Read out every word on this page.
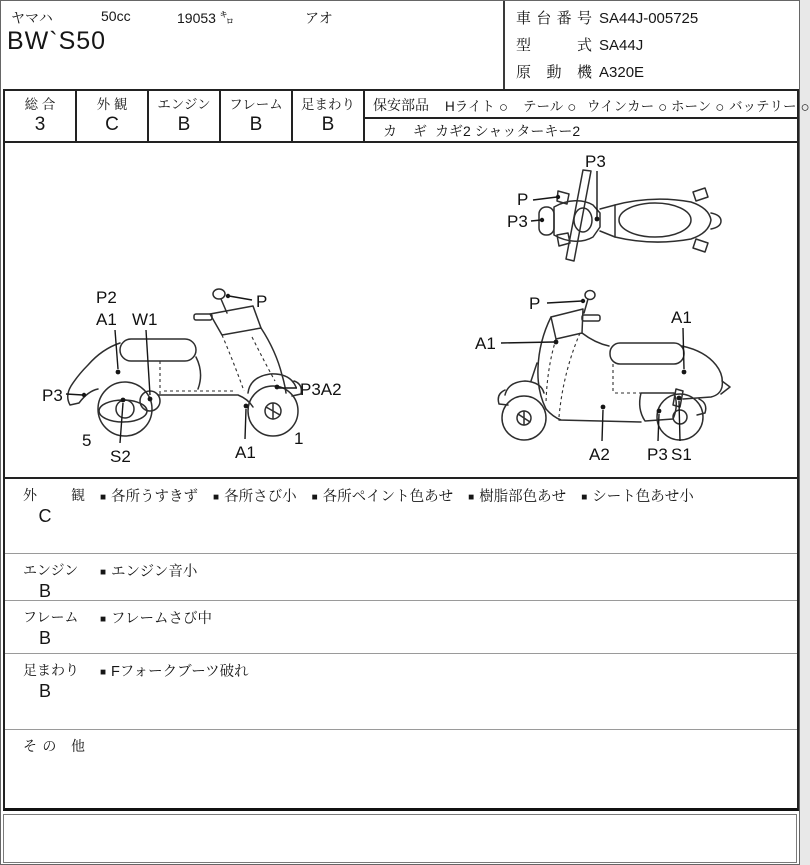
ヤマハ	50cc	19053 ㌔	アオ
BW`S50
車台番号 SA44J-005725
型式 SA44J
原動機 A320E
総 合
3
外 観
C
エンジン
B
フレーム
B
足まわり
B
保安部品 Hライト ○ テール ○ ウインカー ○ ホーン ○ バッテリー ○
カ ギ カギ2 シャッターキー2
P3
P
P3
P2
A1 W1
P
P3
5
S2	A1
1
P3A2
P
A1
A1
A2 P3 S1
外 観
C
■ 各所うすきず ■ 各所さび小 ■ 各所ペイント色あせ ■ 樹脂部色あせ ■ シート色あせ小
エンジン
B
■ エンジン音小
フレーム
B
■ フレームさび中
足まわり
B
■ Fフォークブーツ破れ
その 他
